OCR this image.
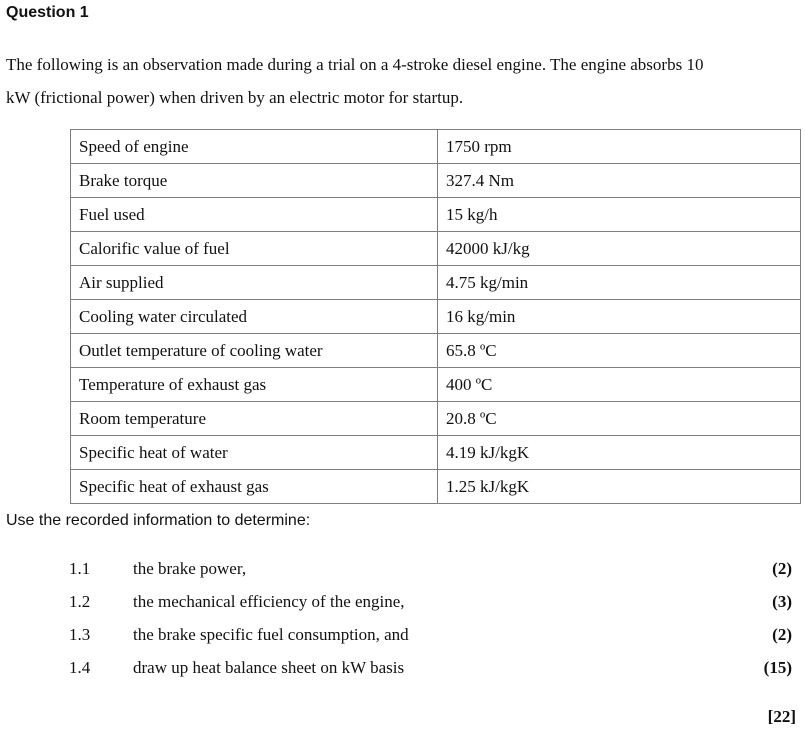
Question 1

The following is an observation made during a trial on a 4-stroke diesel engine. The engine absorbs 10
kW (frictional power) when driven by an electric motor for startup.

Speed of engine	1750 rpm
Brake torque	327.4 Nm
Fuel used	15 kg/h
Calorific value of fuel	42000 kJ/kg
Air supplied	4.75 kg/min
Cooling water circulated	16 kg/min
Outlet temperature of cooling water	65.8 ºC
Temperature of exhaust gas	400 ºC
Room temperature	20.8 ºC
Specific heat of water	4.19 kJ/kgK
Specific heat of exhaust gas	1.25 kJ/kgK

Use the recorded information to determine:

1.1	the brake power,	(2)
1.2	the mechanical efficiency of the engine,	(3)
1.3	the brake specific fuel consumption, and	(2)
1.4	draw up heat balance sheet on kW basis	(15)
[22]
